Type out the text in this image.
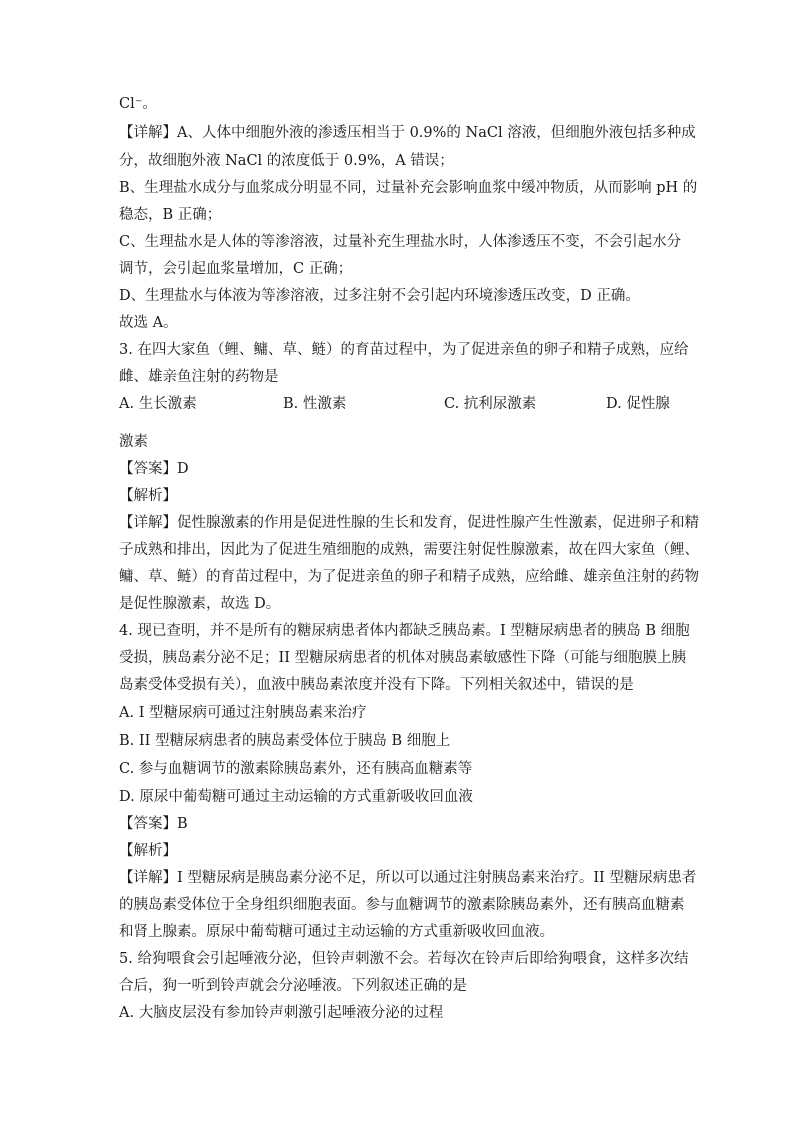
Cl⁻。
【详解】A、人体中细胞外液的渗透压相当于 0.9%的 NaCl 溶液，但细胞外液包括多种成
分，故细胞外液 NaCl 的浓度低于 0.9%，A 错误；
B、生理盐水成分与血浆成分明显不同，过量补充会影响血浆中缓冲物质，从而影响 pH 的
稳态，B 正确；
C、生理盐水是人体的等渗溶液，过量补充生理盐水时，人体渗透压不变，不会引起水分
调节，会引起血浆量增加，C 正确；
D、生理盐水与体液为等渗溶液，过多注射不会引起内环境渗透压改变，D 正确。
故选 A。
3. 在四大家鱼（鲤、鳙、草、鲢）的育苗过程中，为了促进亲鱼的卵子和精子成熟，应给
雌、雄亲鱼注射的药物是
A. 生长激素	B. 性激素	C. 抗利尿激素	D. 促性腺
激素
【答案】D
【解析】
【详解】促性腺激素的作用是促进性腺的生长和发育，促进性腺产生性激素，促进卵子和精
子成熟和排出，因此为了促进生殖细胞的成熟，需要注射促性腺激素，故在四大家鱼（鲤、
鳙、草、鲢）的育苗过程中，为了促进亲鱼的卵子和精子成熟，应给雌、雄亲鱼注射的药物
是促性腺激素，故选 D。
4. 现已查明，并不是所有的糖尿病患者体内都缺乏胰岛素。I 型糖尿病患者的胰岛 B 细胞
受损，胰岛素分泌不足；II 型糖尿病患者的机体对胰岛素敏感性下降（可能与细胞膜上胰
岛素受体受损有关），血液中胰岛素浓度并没有下降。下列相关叙述中，错误的是
A. I 型糖尿病可通过注射胰岛素来治疗
B. II 型糖尿病患者的胰岛素受体位于胰岛 B 细胞上
C. 参与血糖调节的激素除胰岛素外，还有胰高血糖素等
D. 原尿中葡萄糖可通过主动运输的方式重新吸收回血液
【答案】B
【解析】
【详解】I 型糖尿病是胰岛素分泌不足，所以可以通过注射胰岛素来治疗。II 型糖尿病患者
的胰岛素受体位于全身组织细胞表面。参与血糖调节的激素除胰岛素外，还有胰高血糖素
和肾上腺素。原尿中葡萄糖可通过主动运输的方式重新吸收回血液。
5. 给狗喂食会引起唾液分泌，但铃声刺激不会。若每次在铃声后即给狗喂食，这样多次结
合后，狗一听到铃声就会分泌唾液。下列叙述正确的是
A. 大脑皮层没有参加铃声刺激引起唾液分泌的过程
